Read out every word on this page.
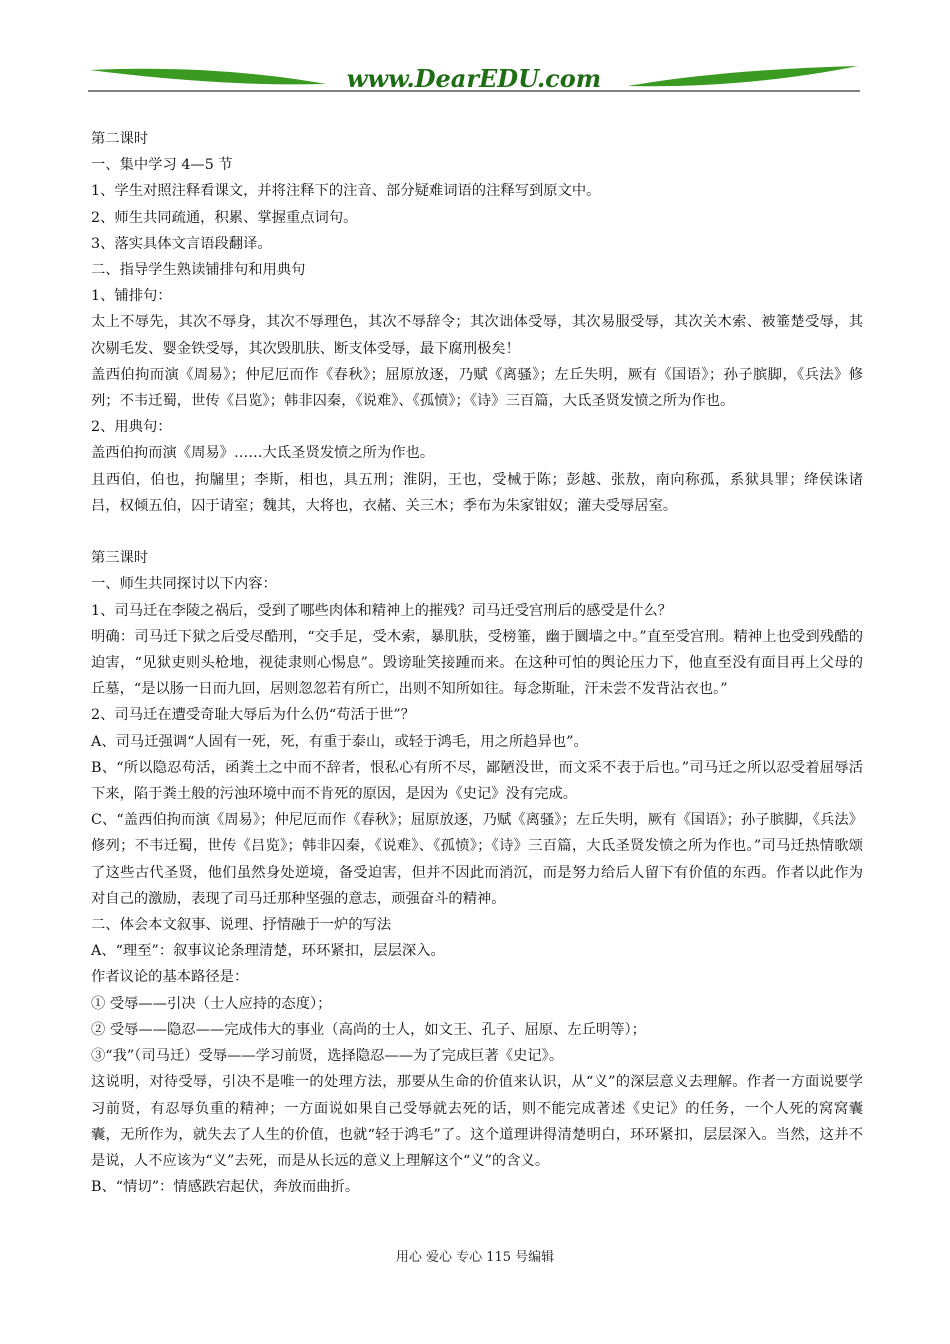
www.DearEDU.com
第二课时
一、集中学习 4—5 节
1、学生对照注释看课文，并将注释下的注音、部分疑难词语的注释写到原文中。
2、师生共同疏通，积累、掌握重点词句。
3、落实具体文言语段翻译。
二、指导学生熟读铺排句和用典句
1、铺排句：
太上不辱先，其次不辱身，其次不辱理色，其次不辱辞令；其次诎体受辱，其次易服受辱，其次关木索、被箠楚受辱，其次剔毛发、婴金铁受辱，其次毁肌肤、断支体受辱，最下腐刑极矣！
盖西伯拘而演《周易》；仲尼厄而作《春秋》；屈原放逐，乃赋《离骚》；左丘失明，厥有《国语》；孙子膑脚，《兵法》修列；不韦迁蜀，世传《吕览》；韩非囚秦，《说难》、《孤愤》；《诗》三百篇，大氐圣贤发愤之所为作也。
2、用典句：
盖西伯拘而演《周易》……大氐圣贤发愤之所为作也。
且西伯，伯也，拘牖里；李斯，相也，具五刑；淮阴，王也，受械于陈；彭越、张敖，南向称孤，系狱具罪；绛侯诛诸吕，权倾五伯，囚于请室；魏其，大将也，衣赭、关三木；季布为朱家钳奴；灌夫受辱居室。
第三课时
一、师生共同探讨以下内容：
1、司马迁在李陵之祸后，受到了哪些肉体和精神上的摧残？司马迁受宫刑后的感受是什么？
明确：司马迁下狱之后受尽酷刑，“交手足，受木索，暴肌肤，受榜箠，幽于圜墙之中。”直至受宫刑。精神上也受到残酷的迫害，“见狱吏则头枪地，视徒隶则心惕息”。毁谤耻笑接踵而来。在这种可怕的舆论压力下，他直至没有面目再上父母的丘墓，“是以肠一日而九回，居则忽忽若有所亡，出则不知所如往。每念斯耻，汗未尝不发背沾衣也。”
2、司马迁在遭受奇耻大辱后为什么仍“苟活于世”？
A、司马迁强调“人固有一死，死，有重于泰山，或轻于鸿毛，用之所趋异也”。
B、“所以隐忍苟活，函粪土之中而不辞者，恨私心有所不尽，鄙陋没世，而文采不表于后也。”司马迁之所以忍受着屈辱活下来，陷于粪土般的污浊环境中而不肯死的原因，是因为《史记》没有完成。
C、“盖西伯拘而演《周易》；仲尼厄而作《春秋》；屈原放逐，乃赋《离骚》；左丘失明，厥有《国语》；孙子膑脚，《兵法》修列；不韦迁蜀，世传《吕览》；韩非囚秦，《说难》、《孤愤》；《诗》三百篇，大氐圣贤发愤之所为作也。”司马迁热情歌颂了这些古代圣贤，他们虽然身处逆境，备受迫害，但并不因此而消沉，而是努力给后人留下有价值的东西。作者以此作为对自己的激励，表现了司马迁那种坚强的意志，顽强奋斗的精神。
二、体会本文叙事、说理、抒情融于一炉的写法
A、“理至”：叙事议论条理清楚，环环紧扣，层层深入。
作者议论的基本路径是：
① 受辱——引决（士人应持的态度）；
② 受辱——隐忍——完成伟大的事业（高尚的士人，如文王、孔子、屈原、左丘明等）；
③“我”（司马迁）受辱——学习前贤，选择隐忍——为了完成巨著《史记》。
这说明，对待受辱，引决不是唯一的处理方法，那要从生命的价值来认识，从“义”的深层意义去理解。作者一方面说要学习前贤，有忍辱负重的精神；一方面说如果自己受辱就去死的话，则不能完成著述《史记》的任务，一个人死的窝窝囊囊，无所作为，就失去了人生的价值，也就“轻于鸿毛”了。这个道理讲得清楚明白，环环紧扣，层层深入。当然，这并不是说，人不应该为“义”去死，而是从长远的意义上理解这个“义”的含义。
B、“情切”：情感跌宕起伏，奔放而曲折。
用心 爱心 专心 115 号编辑
